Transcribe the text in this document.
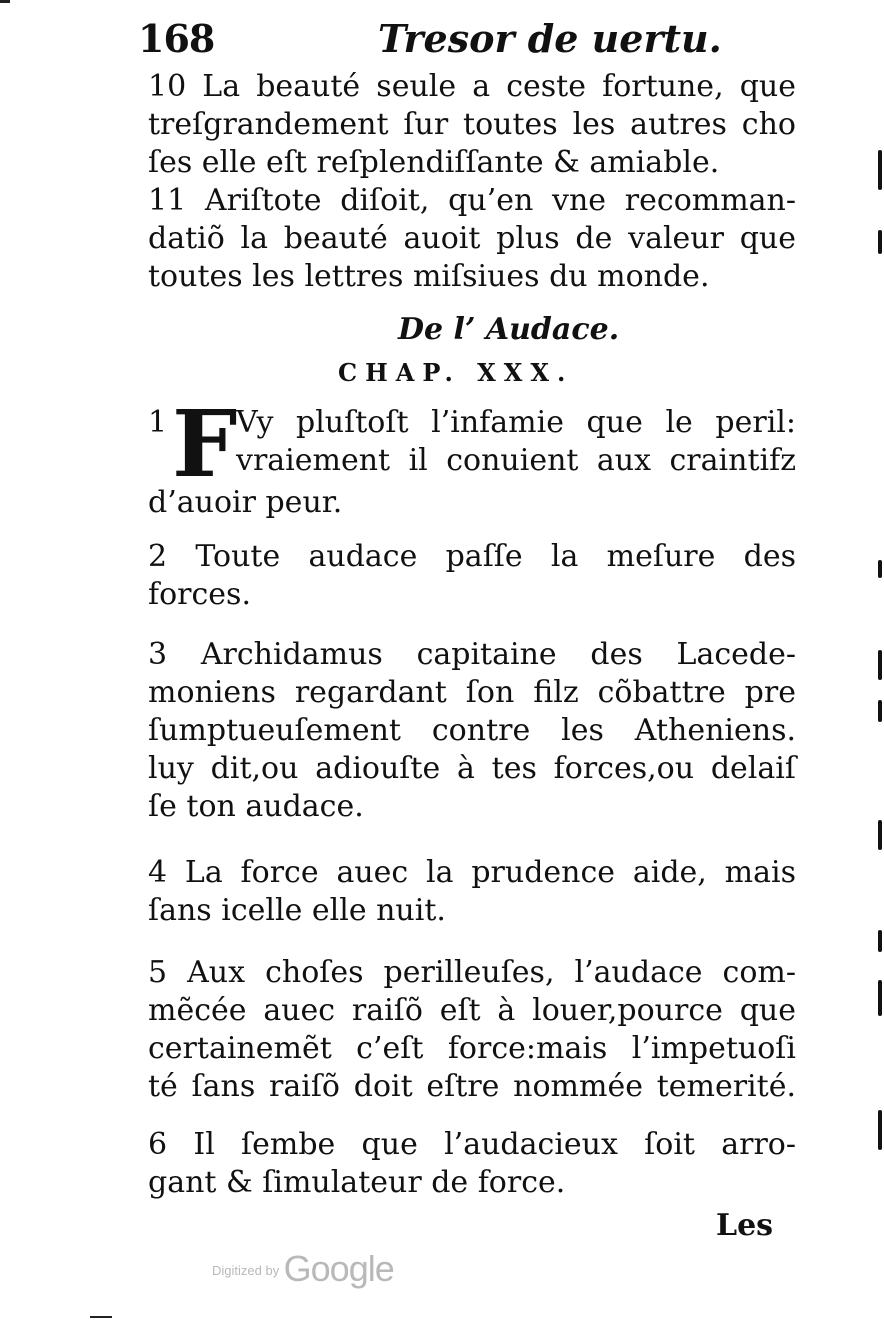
168	Tresor de uertu.
10 La beauté seule a ceste fortune, que
treſgrandement ſur toutes les autres cho
ſes elle eſt reſplendiſſante & amiable.
11 Ariſtote diſoit, qu’en vne recomman-
datiõ la beauté auoit plus de valeur que
toutes les lettres miſsiues du monde.
De l’ Audace.
CHAP. XXX.
1 F
Vy pluſtoſt l’infamie que le peril:
vraiement il conuient aux craintifz
d’auoir peur.
2 Toute audace paſſe la meſure des
forces.
3 Archidamus capitaine des Lacede-
moniens regardant ſon filz cõbattre pre
ſumptueuſement contre les Atheniens.
luy dit,ou adiouſte à tes forces,ou delaiſ
ſe ton audace.
4 La force auec la prudence aide, mais
ſans icelle elle nuit.
5 Aux choſes perilleuſes, l’audace com-
mẽcée auec raiſõ eſt à louer,pource que
certainemẽt c’eſt force:mais l’impetuoſi
té ſans raiſõ doit eſtre nommée temerité.
6 Il ſembe que l’audacieux ſoit arro-
gant & ſimulateur de force.
Les
$^{Digitized by}$ Google
